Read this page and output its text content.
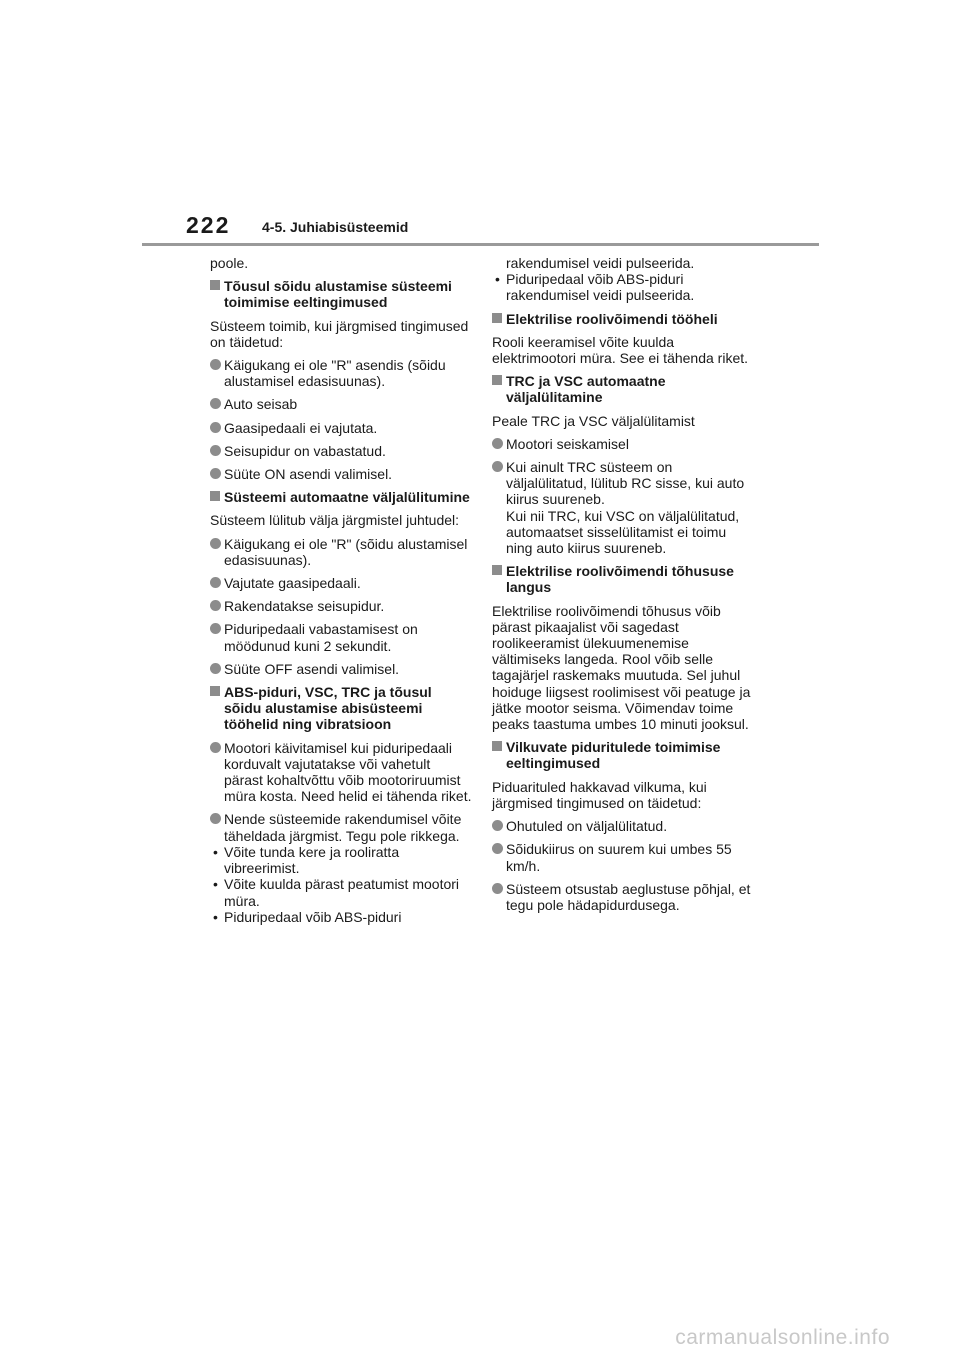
222 4-5. Juhiabisüsteemid

poole.

Tõusul sõidu alustamise süsteemi toimimise eeltingimused

Süsteem toimib, kui järgmised tingimused on täidetud:

Käigukang ei ole "R" asendis (sõidu alustamisel edasisuunas).
Auto seisab
Gaasipedaali ei vajutata.
Seisupidur on vabastatud.
Süüte ON asendi valimisel.
Süsteemi automaatne väljalülitumine

Süsteem lülitub välja järgmistel juhtudel:

Käigukang ei ole "R" (sõidu alustamisel edasisuunas).
Vajutate gaasipedaali.
Rakendatakse seisupidur.
Piduripedaali vabastamisest on möödunud kuni 2 sekundit.
Süüte OFF asendi valimisel.
ABS-piduri, VSC, TRC ja tõusul sõidu alustamise abisüsteemi tööhelid ning vibratsioon
Mootori käivitamisel kui piduripedaali korduvalt vajutatakse või vahetult pärast kohaltvõttu võib mootoriruumist müra kosta. Need helid ei tähenda riket.
Nende süsteemide rakendumisel võite täheldada järgmist. Tegu pole rikkega.
• Võite tunda kere ja rooliratta vibreerimist.
• Võite kuulda pärast peatumist mootori müra.
• Piduripedaal võib ABS-piduri
rakendumisel veidi pulseerida.
• Piduripedaal võib ABS-piduri rakendumisel veidi pulseerida.
Elektrilise roolivõimendi tööheli

Rooli keeramisel võite kuulda elektrimootori müra. See ei tähenda riket.

TRC ja VSC automaatne väljalülitamine

Peale TRC ja VSC väljalülitamist

Mootori seiskamisel
Kui ainult TRC süsteem on väljalülitatud, lülitub RC sisse, kui auto kiirus suureneb.
Kui nii TRC, kui VSC on väljalülitatud, automaatset sisselülitamist ei toimu ning auto kiirus suureneb.
Elektrilise roolivõimendi tõhususe langus

Elektrilise roolivõimendi tõhusus võib pärast pikaajalist või sagedast roolikeeramist ülekuumenemise vältimiseks langeda. Rool võib selle tagajärjel raskemaks muutuda. Sel juhul hoiduge liigsest roolimisest või peatuge ja jätke mootor seisma. Võimendav toime peaks taastuma umbes 10 minuti jooksul.

Vilkuvate piduritulede toimimise eeltingimused

Piduarituled hakkavad vilkuma, kui järgmised tingimused on täidetud:

Ohutuled on väljalülitatud.
Sõidukiirus on suurem kui umbes 55 km/h.
Süsteem otsustab aeglustuse põhjal, et tegu pole hädapidurdusega.
carmanualsonline.info
